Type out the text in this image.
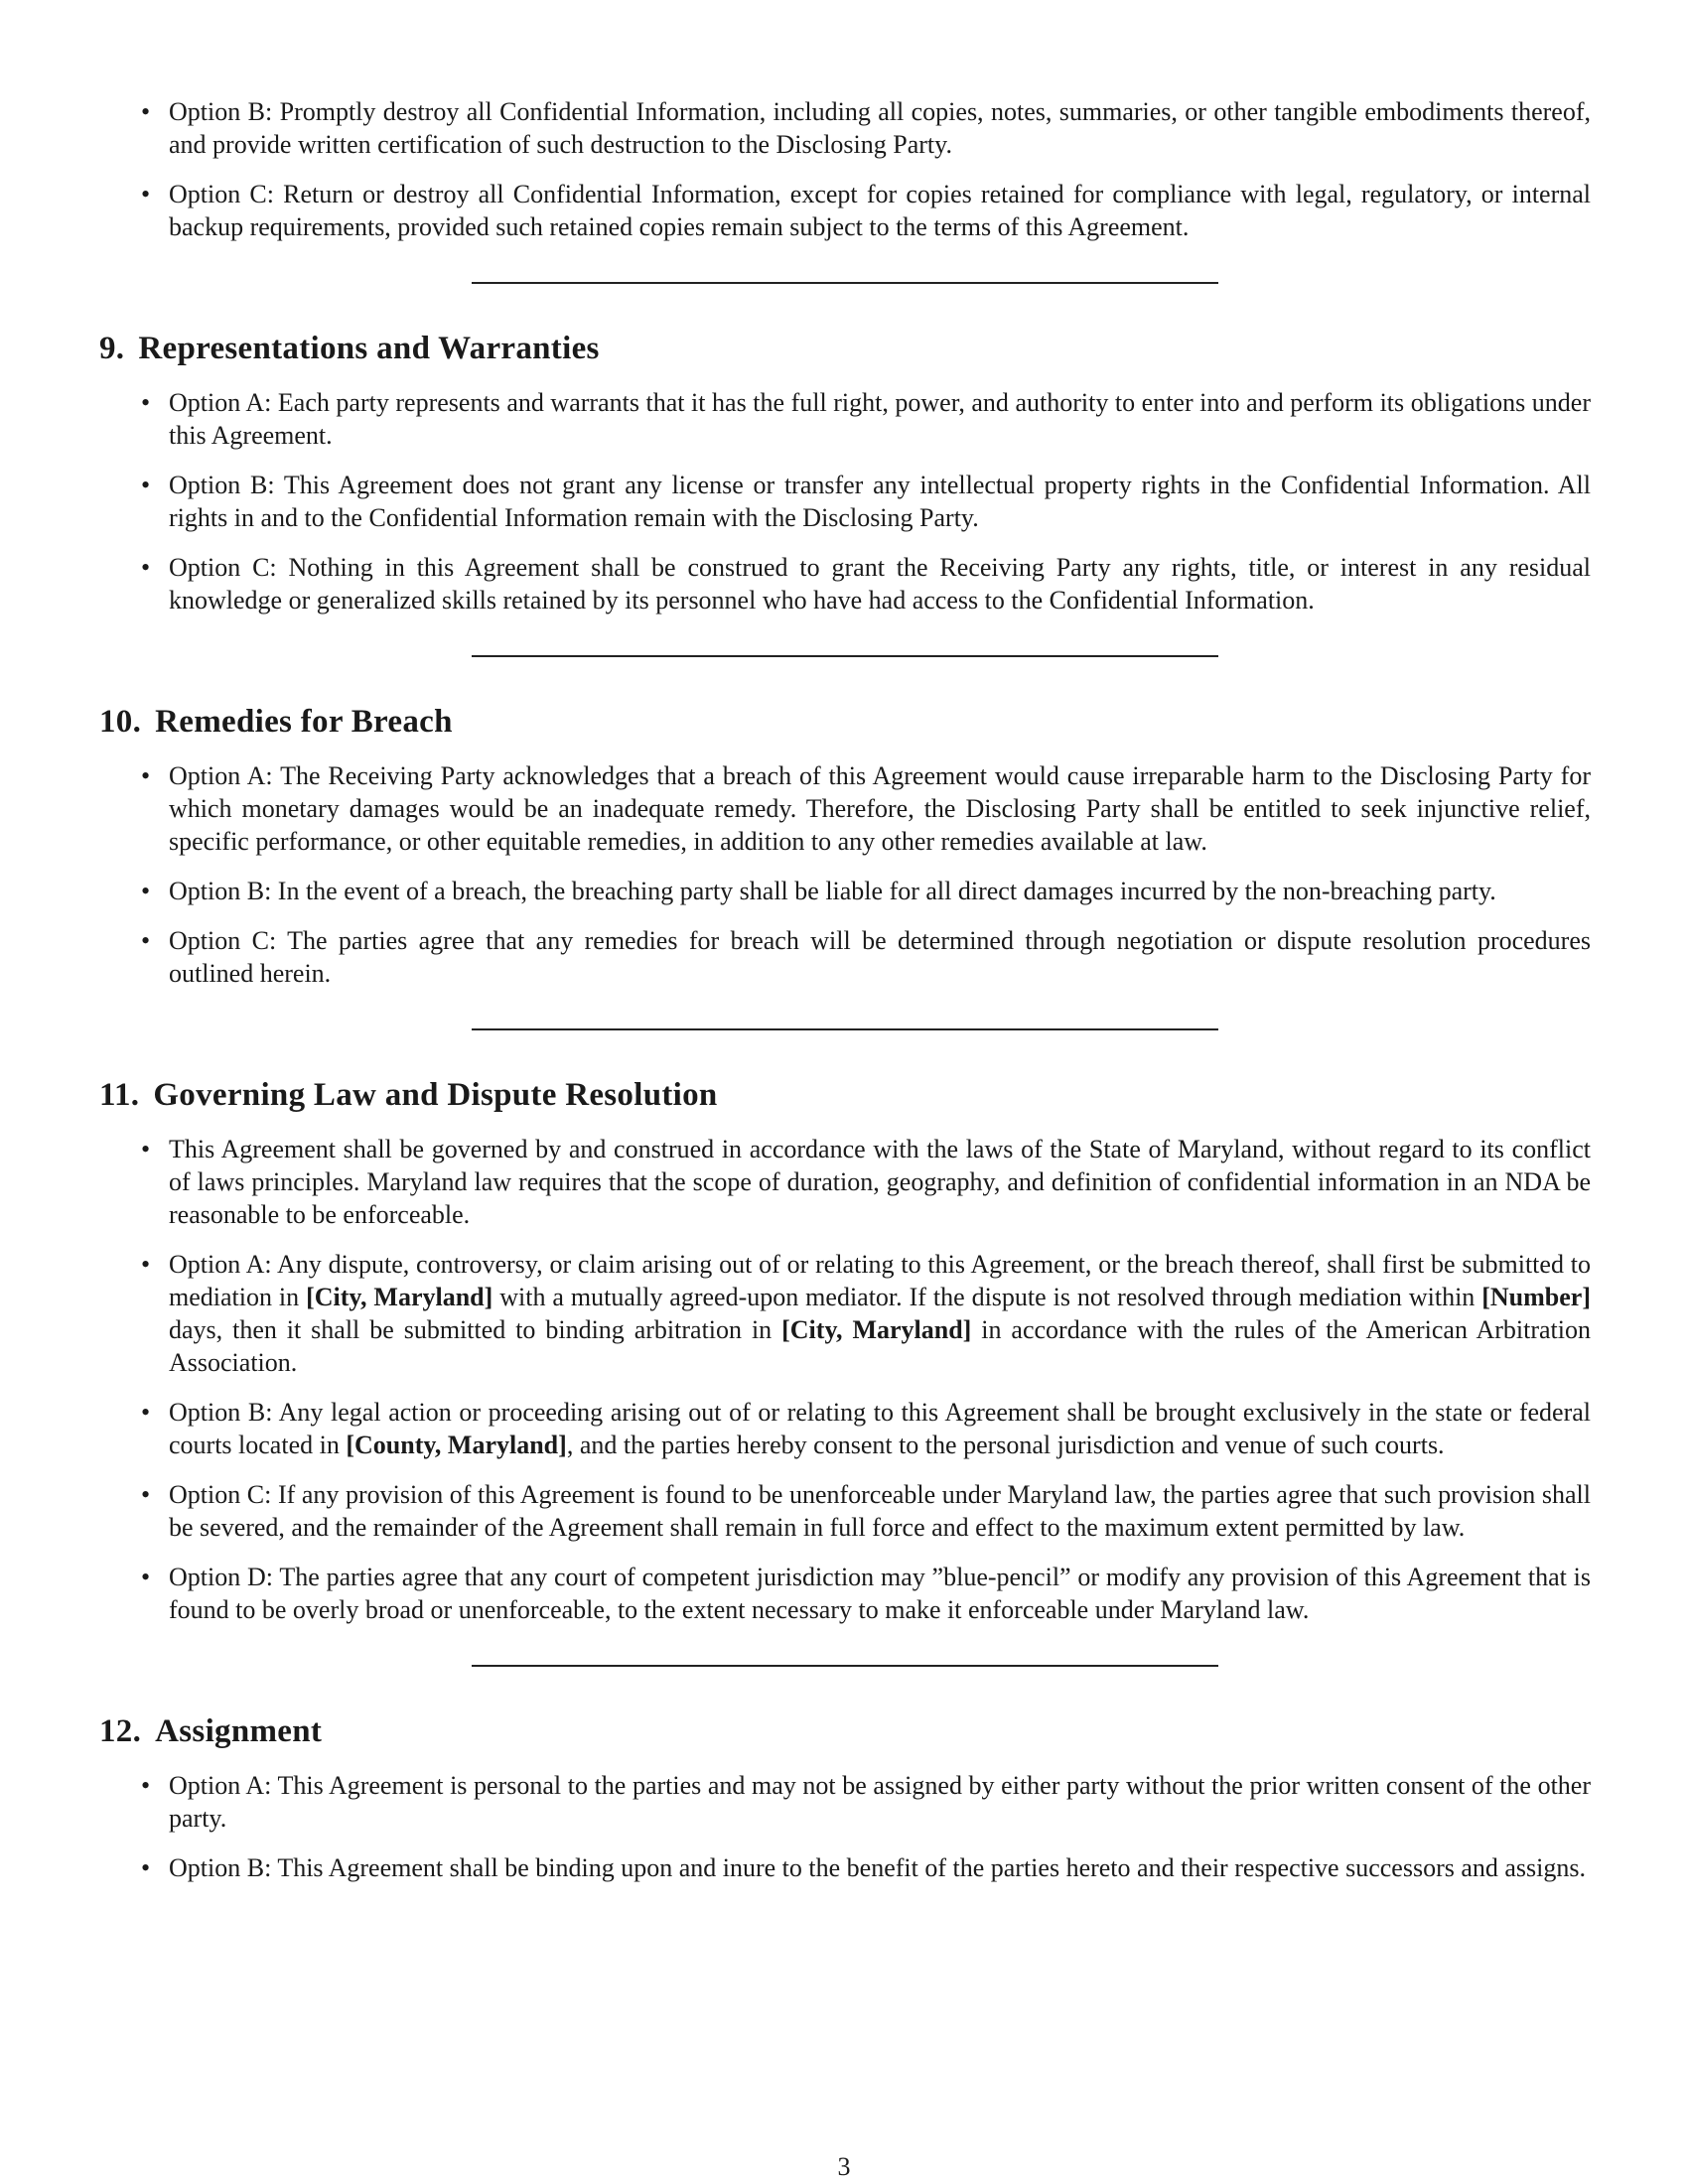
• Option B: Promptly destroy all Confidential Information, including all copies, notes, summaries, or other tangible embodiments thereof, and provide written certification of such destruction to the Disclosing Party.
• Option C: Return or destroy all Confidential Information, except for copies retained for compliance with legal, regulatory, or internal backup requirements, provided such retained copies remain subject to the terms of this Agreement.
9. Representations and Warranties
• Option A: Each party represents and warrants that it has the full right, power, and authority to enter into and perform its obligations under this Agreement.
• Option B: This Agreement does not grant any license or transfer any intellectual property rights in the Confidential Information. All rights in and to the Confidential Information remain with the Disclosing Party.
• Option C: Nothing in this Agreement shall be construed to grant the Receiving Party any rights, title, or interest in any residual knowledge or generalized skills retained by its personnel who have had access to the Confidential Information.
10. Remedies for Breach
• Option A: The Receiving Party acknowledges that a breach of this Agreement would cause irreparable harm to the Disclosing Party for which monetary damages would be an inadequate remedy. Therefore, the Disclosing Party shall be entitled to seek injunctive relief, specific performance, or other equitable remedies, in addition to any other remedies available at law.
• Option B: In the event of a breach, the breaching party shall be liable for all direct damages incurred by the non-breaching party.
• Option C: The parties agree that any remedies for breach will be determined through negotiation or dispute resolution procedures outlined herein.
11. Governing Law and Dispute Resolution
• This Agreement shall be governed by and construed in accordance with the laws of the State of Maryland, without regard to its conflict of laws principles. Maryland law requires that the scope of duration, geography, and definition of confidential information in an NDA be reasonable to be enforceable.
• Option A: Any dispute, controversy, or claim arising out of or relating to this Agreement, or the breach thereof, shall first be submitted to mediation in [City, Maryland] with a mutually agreed-upon mediator. If the dispute is not resolved through mediation within [Number] days, then it shall be submitted to binding arbitration in [City, Maryland] in accordance with the rules of the American Arbitration Association.
• Option B: Any legal action or proceeding arising out of or relating to this Agreement shall be brought exclusively in the state or federal courts located in [County, Maryland], and the parties hereby consent to the personal jurisdiction and venue of such courts.
• Option C: If any provision of this Agreement is found to be unenforceable under Maryland law, the parties agree that such provision shall be severed, and the remainder of the Agreement shall remain in full force and effect to the maximum extent permitted by law.
• Option D: The parties agree that any court of competent jurisdiction may ”blue-pencil” or modify any provision of this Agreement that is found to be overly broad or unenforceable, to the extent necessary to make it enforceable under Maryland law.
12. Assignment
• Option A: This Agreement is personal to the parties and may not be assigned by either party without the prior written consent of the other party.
• Option B: This Agreement shall be binding upon and inure to the benefit of the parties hereto and their respective successors and assigns.
3
